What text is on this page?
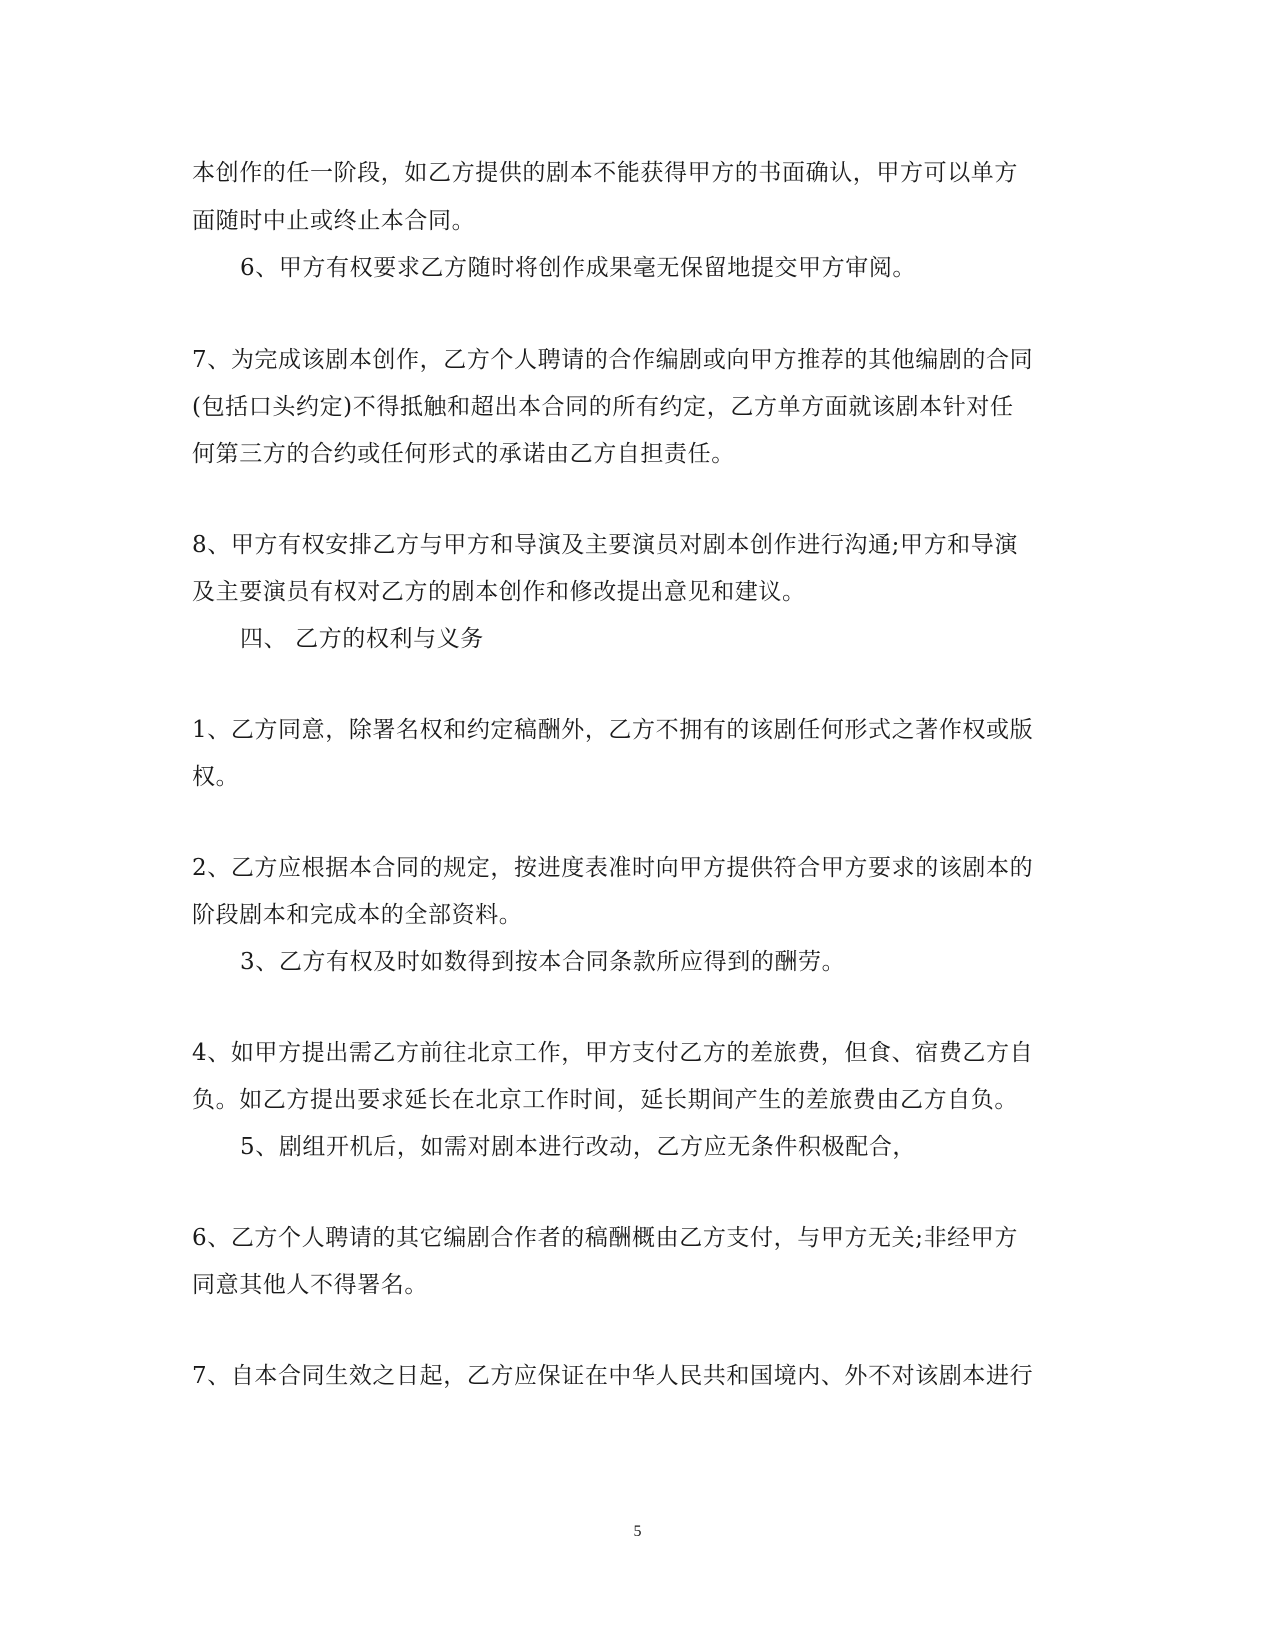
本创作的任一阶段，如乙方提供的剧本不能获得甲方的书面确认，甲方可以单方
面随时中止或终止本合同。
6、甲方有权要求乙方随时将创作成果毫无保留地提交甲方审阅。
7、为完成该剧本创作，乙方个人聘请的合作编剧或向甲方推荐的其他编剧的合同
(包括口头约定)不得抵触和超出本合同的所有约定，乙方单方面就该剧本针对任
何第三方的合约或任何形式的承诺由乙方自担责任。
8、甲方有权安排乙方与甲方和导演及主要演员对剧本创作进行沟通;甲方和导演
及主要演员有权对乙方的剧本创作和修改提出意见和建议。
四、 乙方的权利与义务
1、乙方同意，除署名权和约定稿酬外，乙方不拥有的该剧任何形式之著作权或版
权。
2、乙方应根据本合同的规定，按进度表准时向甲方提供符合甲方要求的该剧本的
阶段剧本和完成本的全部资料。
3、乙方有权及时如数得到按本合同条款所应得到的酬劳。
4、如甲方提出需乙方前往北京工作，甲方支付乙方的差旅费，但食、宿费乙方自
负。如乙方提出要求延长在北京工作时间，延长期间产生的差旅费由乙方自负。
5、剧组开机后，如需对剧本进行改动，乙方应无条件积极配合，
6、乙方个人聘请的其它编剧合作者的稿酬概由乙方支付，与甲方无关;非经甲方
同意其他人不得署名。
7、自本合同生效之日起，乙方应保证在中华人民共和国境内、外不对该剧本进行
5
